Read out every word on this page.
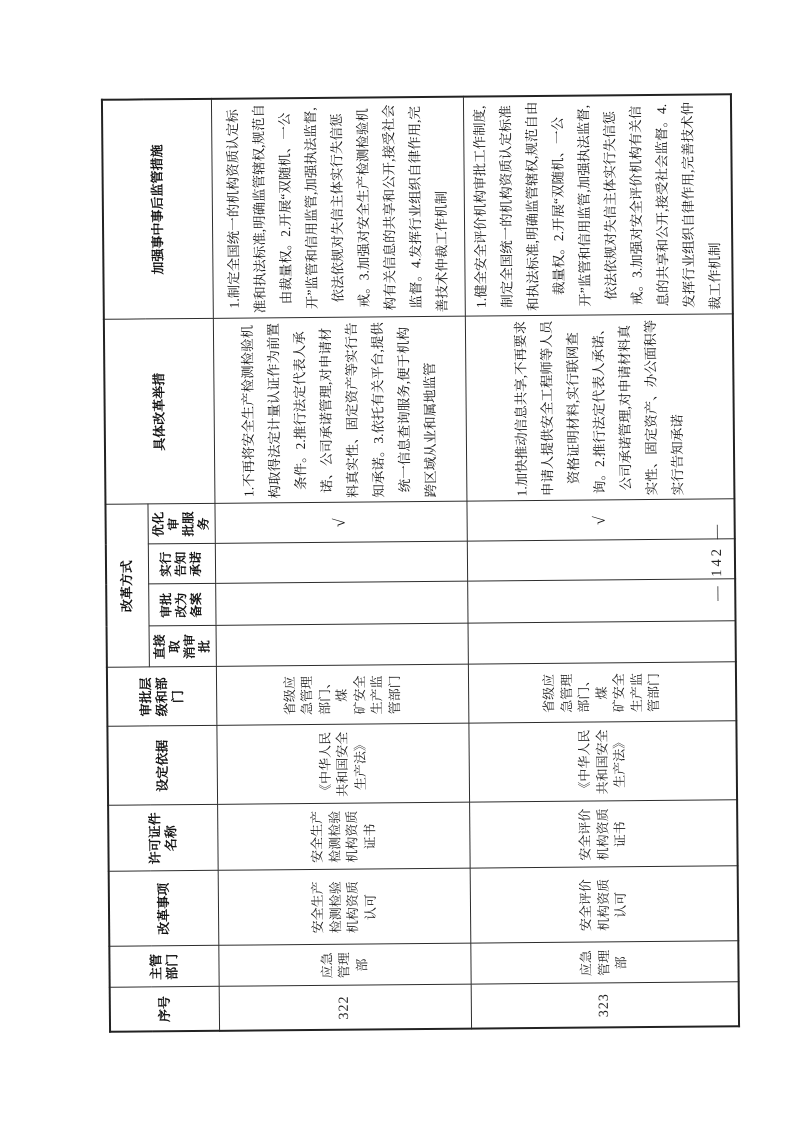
序号	主管
部门	改革事项	许可证件
名称	设定依据	审批层
级和部
门	改革方式				具体改革举措	加强事中事后监管措施
						直接取
消审批	审批
改为
备案	实行
告知
承诺	优化审
批服务		
322	应急
管理
部	安全生产
检测检验
机构资质
认可	安全生产
检测检验
机构资质
证书	《中华人民
共和国安全
生产法》	省级应
急管理
部门、煤
矿安全
生产监
管部门				√	1.不再将安全生产检测检验机构取得法定计量认证作为前置条件。2.推行法定代表人承诺、公司承诺管理,对申请材料真实性、固定资产等实行告知承诺。3.依托有关平台,提供统一信息查询服务,便于机构跨区域从业和属地监管	1.制定全国统一的机构资质认定标准和执法标准,明确监管辖权,规范自由裁量权。2.开展“双随机、一公开”监管和信用监管,加强执法监督,依法依规对失信主体实行失信惩戒。3.加强对安全生产检测检验机构有关信息的共享和公开,接受社会监督。4.发挥行业组织自律作用,完善技术仲裁工作机制
323	应急
管理
部	安全评价
机构资质
认可	安全评价
机构资质
证书	《中华人民
共和国安全
生产法》	省级应
急管理
部门、煤
矿安全
生产监
管部门				√	1.加快推动信息共享,不再要求申请人提供安全工程师等人员资格证明材料,实行联网查询。2.推行法定代表人承诺、公司承诺管理,对申请材料真实性、固定资产、办公面积等实行告知承诺	1.健全安全评价机构审批工作制度,制定全国统一的机构资质认定标准和执法标准,明确监管辖权,规范自由裁量权。2.开展“双随机、一公开”监管和信用监管,加强执法监督,依法依规对失信主体实行失信惩戒。3.加强对安全评价机构有关信息的共享和公开,接受社会监督。4.发挥行业组织自律作用,完善技术仲裁工作机制
— 142 —
